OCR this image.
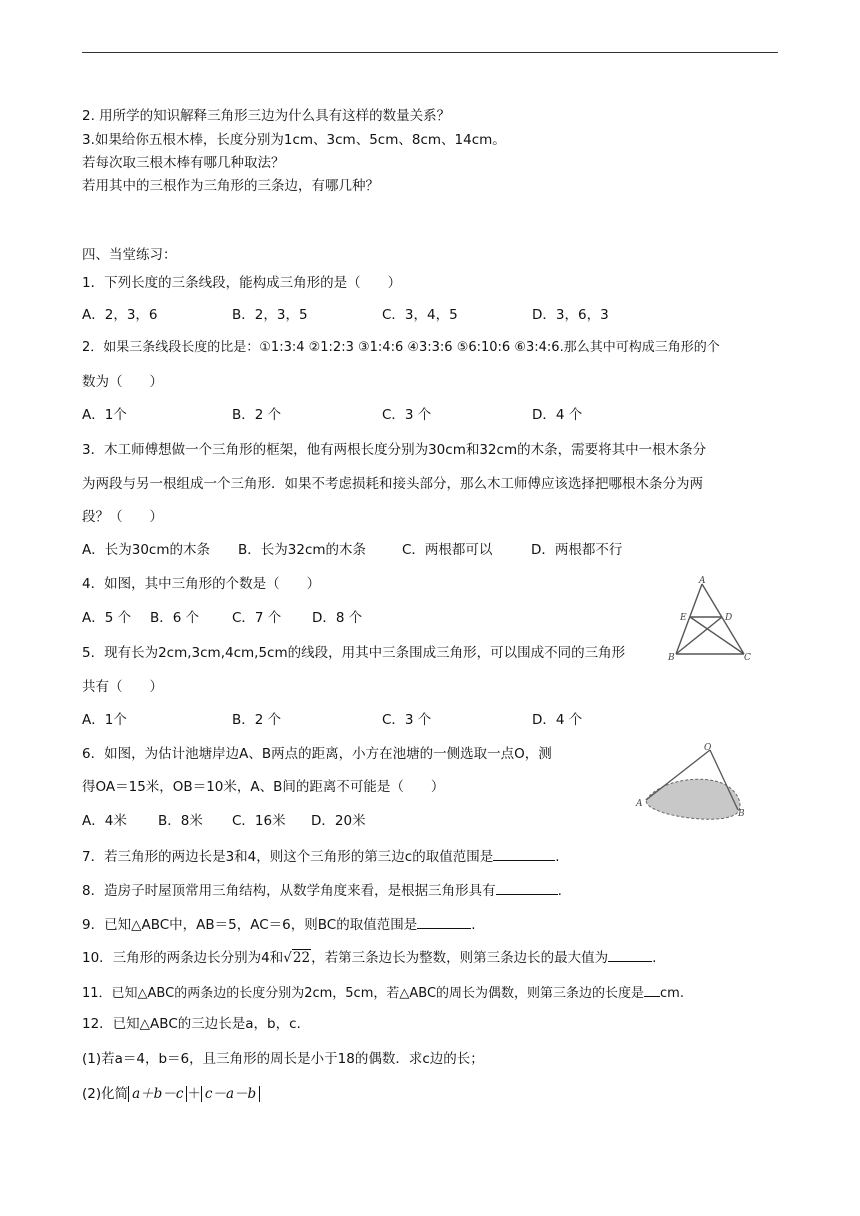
2. 用所学的知识解释三角形三边为什么具有这样的数量关系？
3.如果给你五根木棒，长度分别为1cm、3cm、5cm、8cm、14cm。
若每次取三根木棒有哪几种取法？
若用其中的三根作为三角形的三条边，有哪几种？
四、当堂练习：
1．下列长度的三条线段，能构成三角形的是（　　）
A．2，3，6	B．2，3，5	C．3，4，5	D．3，6，3
2．如果三条线段长度的比是：①1:3:4 ②1:2:3 ③1:4:6 ④3:3:6 ⑤6:10:6 ⑥3:4:6.那么其中可构成三角形的个
数为（　　）
A．1个	B．2 个	C．3 个	D．4 个
3．木工师傅想做一个三角形的框架，他有两根长度分别为30cm和32cm的木条，需要将其中一根木条分
为两段与另一根组成一个三角形．如果不考虑损耗和接头部分，那么木工师傅应该选择把哪根木条分为两
段？（　　）
A．长为30cm的木条 B．长为32cm的木条	C．两根都可以	D．两根都不行
4．如图，其中三角形的个数是（　　）
A．5 个 B．6 个 C．7 个 D．8 个
A
E	D
B	C
5．现有长为2cm,3cm,4cm,5cm的线段，用其中三条围成三角形，可以围成不同的三角形
共有（　　）
A．1个	B．2 个	C．3 个	D．4 个
6．如图，为估计池塘岸边A、B两点的距离，小方在池塘的一侧选取一点O，测
得OA＝15米，OB＝10米，A、B间的距离不可能是（　　）
A．4米 B．8米 C．16米 D．20米
O
A
B
7．若三角形的两边长是3和4，则这个三角形的第三边c的取值范围是	.
8．造房子时屋顶常用三角结构，从数学角度来看，是根据三角形具有	.
9．已知△ABC中，AB＝5，AC＝6，则BC的取值范围是	.
10．三角形的两条边长分别为4和√22，若第三条边长为整数，则第三条边长的最大值为	.
11．已知△ABC的两条边的长度分别为2cm，5cm，若△ABC的周长为偶数，则第三条边的长度是 cm.
12．已知△ABC的三边长是a，b，c.
(1)若a＝4，b＝6，且三角形的周长是小于18的偶数．求c边的长；
(2)化简 a＋b－c ＋ c－a－b
